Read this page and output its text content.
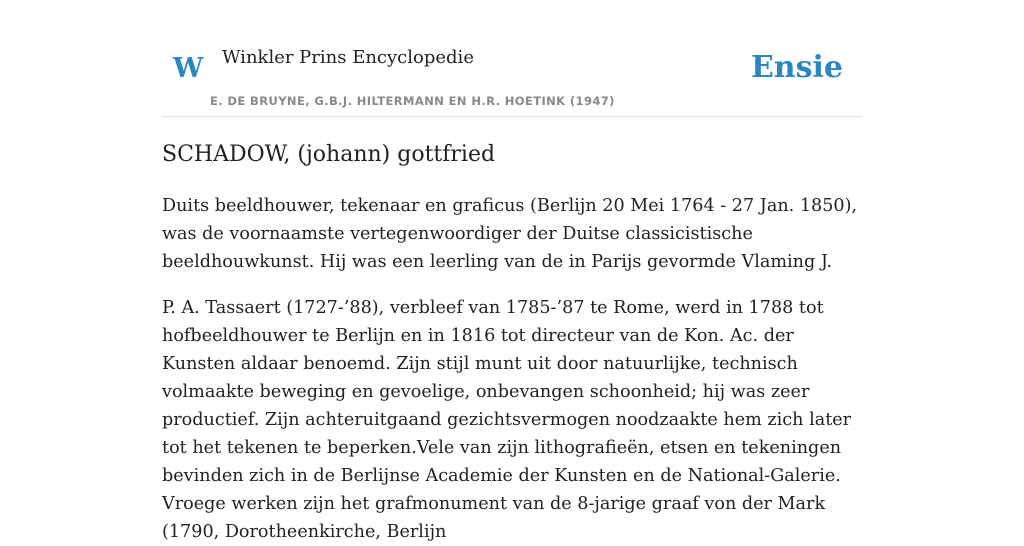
W Winkler Prins Encyclopedie
E. DE BRUYNE, G.B.J. HILTERMANN EN H.R. HOETINK (1947)
Ensie
SCHADOW, (johann) gottfried

Duits beeldhouwer, tekenaar en graficus (Berlijn 20 Mei 1764 - 27 Jan. 1850), was de voornaamste vertegenwoordiger der Duitse classicistische beeldhouwkunst. Hij was een leerling van de in Parijs gevormde Vlaming J.

P. A. Tassaert (1727-’88), verbleef van 1785-’87 te Rome, werd in 1788 tot hofbeeldhouwer te Berlijn en in 1816 tot directeur van de Kon. Ac. der Kunsten aldaar benoemd. Zijn stijl munt uit door natuurlijke, technisch volmaakte beweging en gevoelige, onbevangen schoonheid; hij was zeer productief. Zijn achteruitgaand gezichtsvermogen noodzaakte hem zich later tot het tekenen te beperken.Vele van zijn lithografieën, etsen en tekeningen bevinden zich in de Berlijnse Academie der Kunsten en de National-Galerie. Vroege werken zijn het grafmonument van de 8-jarige graaf von der Mark (1790, Dorotheenkirche, Berlijn
